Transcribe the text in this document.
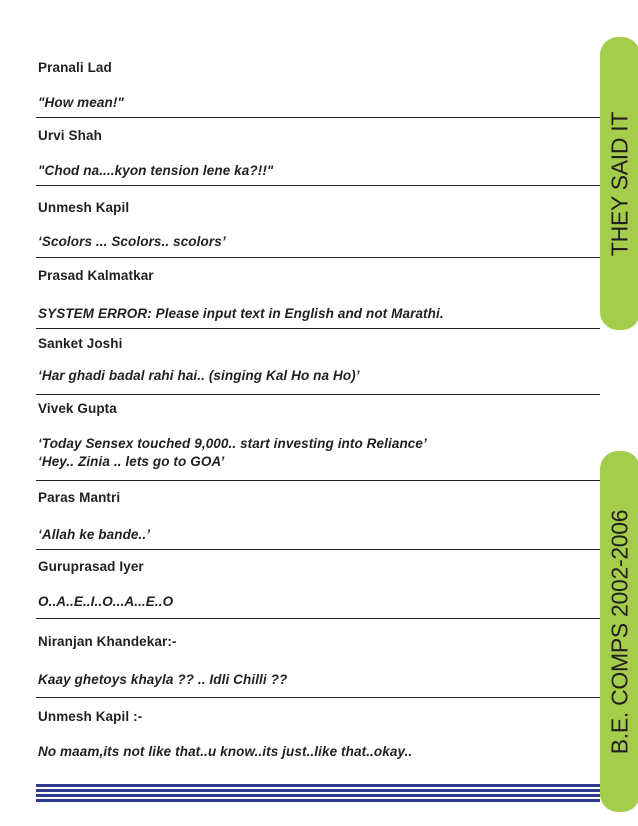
THEY SAID IT
B.E. COMPS 2002-2006
Pranali Lad
"How mean!"
Urvi Shah
"Chod na....kyon tension lene ka?!!"
Unmesh Kapil
‘Scolors ... Scolors.. scolors’
Prasad Kalmatkar
SYSTEM ERROR: Please input text in English and not Marathi.
Sanket Joshi
‘Har ghadi badal rahi hai.. (singing Kal Ho na Ho)’
Vivek Gupta
‘Today Sensex touched 9,000.. start investing into Reliance’
‘Hey.. Zinia .. lets go to GOA’
Paras Mantri
‘Allah ke bande..’
Guruprasad Iyer
O..A..E..I..O...A...E..O
Niranjan Khandekar:-
Kaay ghetoys khayla ?? .. Idli Chilli ??
Unmesh Kapil :-
No maam,its not like that..u know..its just..like that..okay..
